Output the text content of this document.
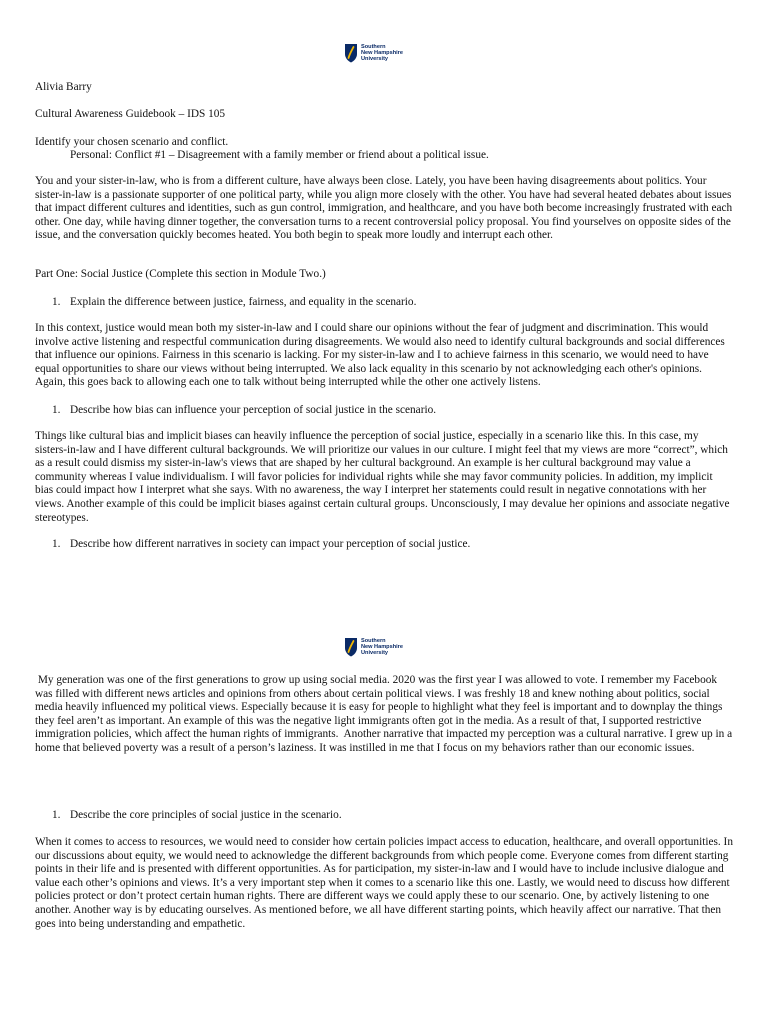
Southern
New Hampshire
University

Alivia Barry

Cultural Awareness Guidebook – IDS 105

Identify your chosen scenario and conflict.

Personal: Conflict #1 – Disagreement with a family member or friend about a political issue.

You and your sister-in-law, who is from a different culture, have always been close. Lately, you have been having disagreements about politics. Your sister-in-law is a passionate supporter of one political party, while you align more closely with the other. You have had several heated debates about issues that impact different cultures and identities, such as gun control, immigration, and healthcare, and you have both become increasingly frustrated with each other. One day, while having dinner together, the conversation turns to a recent controversial policy proposal. You find yourselves on opposite sides of the issue, and the conversation quickly becomes heated. You both begin to speak more loudly and interrupt each other.

Part One: Social Justice (Complete this section in Module Two.)

1. Explain the difference between justice, fairness, and equality in the scenario.

In this context, justice would mean both my sister-in-law and I could share our opinions without the fear of judgment and discrimination. This would involve active listening and respectful communication during disagreements. We would also need to identify cultural backgrounds and social differences that influence our opinions. Fairness in this scenario is lacking. For my sister-in-law and I to achieve fairness in this scenario, we would need to have equal opportunities to share our views without being interrupted. We also lack equality in this scenario by not acknowledging each other's opinions. Again, this goes back to allowing each one to talk without being interrupted while the other one actively listens.

1. Describe how bias can influence your perception of social justice in the scenario.

Things like cultural bias and implicit biases can heavily influence the perception of social justice, especially in a scenario like this. In this case, my sisters-in-law and I have different cultural backgrounds. We will prioritize our values in our culture. I might feel that my views are more “correct”, which as a result could dismiss my sister-in-law's views that are shaped by her cultural background. An example is her cultural background may value a community whereas I value individualism. I will favor policies for individual rights while she may favor community policies. In addition, my implicit bias could impact how I interpret what she says. With no awareness, the way I interpret her statements could result in negative connotations with her views. Another example of this could be implicit biases against certain cultural groups. Unconsciously, I may devalue her opinions and associate negative stereotypes.

1. Describe how different narratives in society can impact your perception of social justice.

Southern
New Hampshire
University

My generation was one of the first generations to grow up using social media. 2020 was the first year I was allowed to vote. I remember my Facebook was filled with different news articles and opinions from others about certain political views. I was freshly 18 and knew nothing about politics, social media heavily influenced my political views. Especially because it is easy for people to highlight what they feel is important and to downplay the things they feel aren’t as important. An example of this was the negative light immigrants often got in the media. As a result of that, I supported restrictive immigration policies, which affect the human rights of immigrants.  Another narrative that impacted my perception was a cultural narrative. I grew up in a home that believed poverty was a result of a person’s laziness. It was instilled in me that I focus on my behaviors rather than our economic issues.

1. Describe the core principles of social justice in the scenario.

When it comes to access to resources, we would need to consider how certain policies impact access to education, healthcare, and overall opportunities. In our discussions about equity, we would need to acknowledge the different backgrounds from which people come. Everyone comes from different starting points in their life and is presented with different opportunities. As for participation, my sister-in-law and I would have to include inclusive dialogue and value each other’s opinions and views. It’s a very important step when it comes to a scenario like this one. Lastly, we would need to discuss how different policies protect or don’t protect certain human rights. There are different ways we could apply these to our scenario. One, by actively listening to one another. Another way is by educating ourselves. As mentioned before, we all have different starting points, which heavily affect our narrative. That then goes into being understanding and empathetic.
